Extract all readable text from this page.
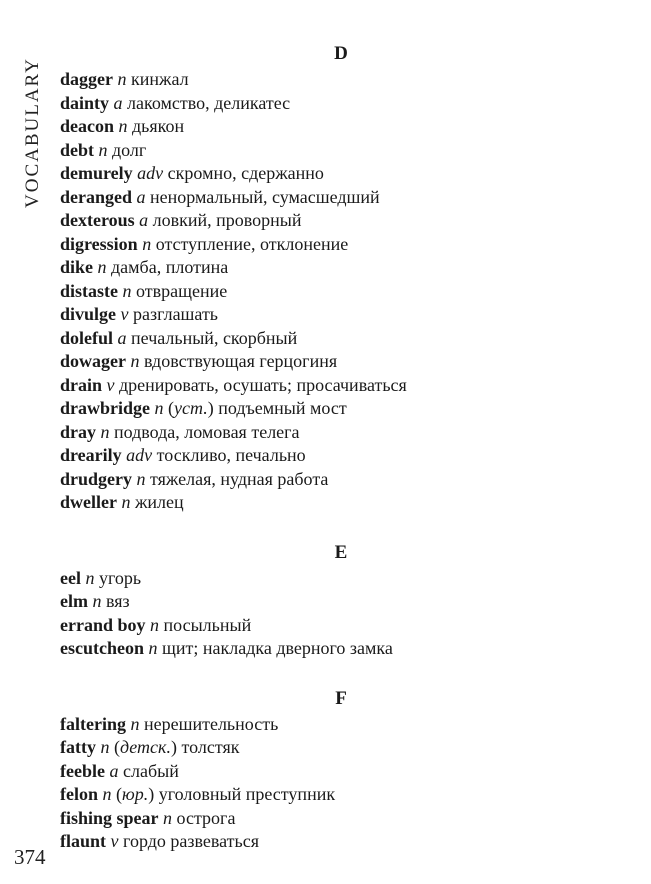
VOCABULARY
D
dagger n кинжал
dainty a лакомство, деликатес
deacon n дьякон
debt n долг
demurely adv скромно, сдержанно
deranged a ненормальный, сумасшедший
dexterous a ловкий, проворный
digression n отступление, отклонение
dike n дамба, плотина
distaste n отвращение
divulge v разглашать
doleful a печальный, скорбный
dowager n вдовствующая герцогиня
drain v дренировать, осушать; просачиваться
drawbridge n (уст.) подъемный мост
dray n подвода, ломовая телега
drearily adv тоскливо, печально
drudgery n тяжелая, нудная работа
dweller n жилец
E
eel n угорь
elm n вяз
errand boy n посыльный
escutcheon n щит; накладка дверного замка
F
faltering n нерешительность
fatty n (детск.) толстяк
feeble a слабый
felon n (юр.) уголовный преступник
fishing spear n острога
flaunt v гордо развеваться
374
